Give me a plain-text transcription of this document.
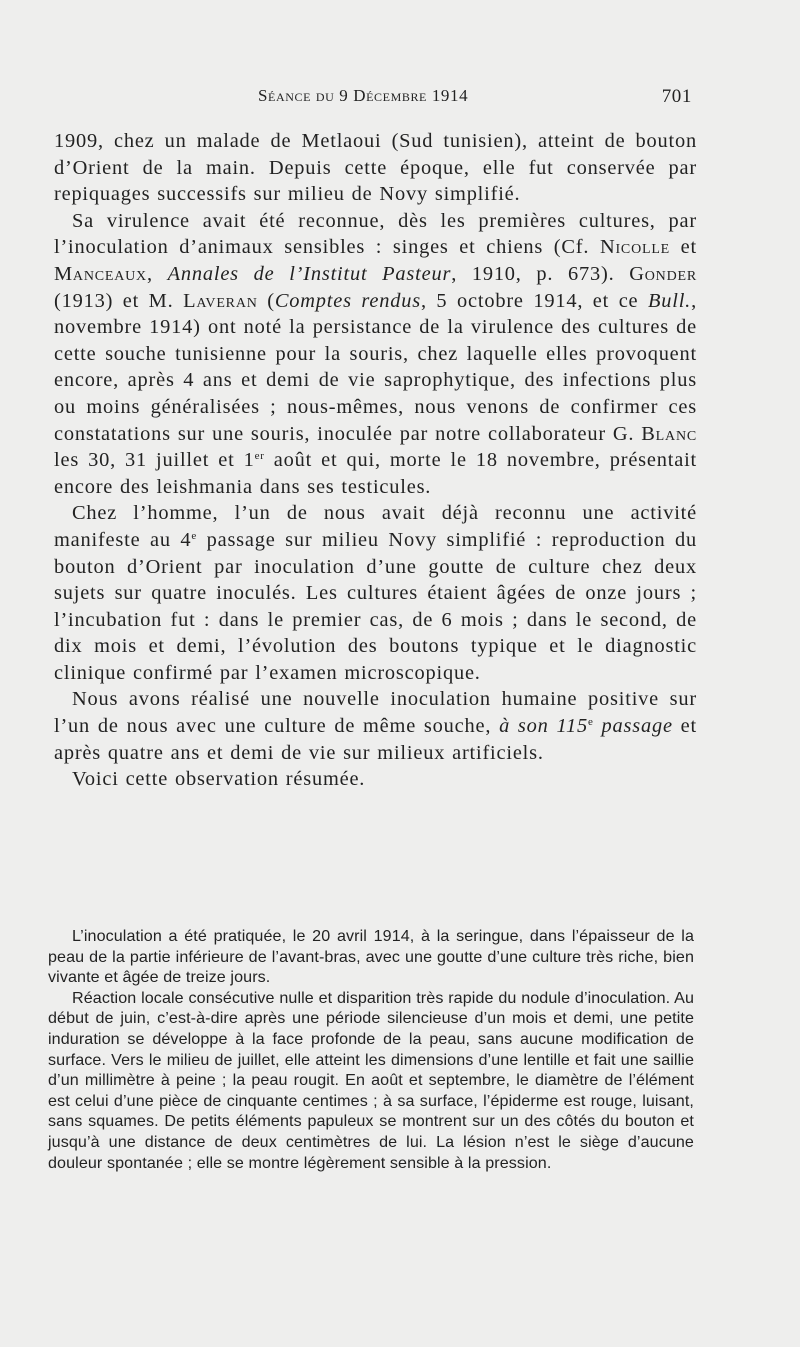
Séance du 9 Décembre 1914	701

1909, chez un malade de Metlaoui (Sud tunisien), atteint de bouton d’Orient de la main. Depuis cette époque, elle fut conservée par repiquages successifs sur milieu de Novy simplifié.

Sa virulence avait été reconnue, dès les premières cultures, par l’inoculation d’animaux sensibles : singes et chiens (Cf. Nicolle et Manceaux, Annales de l’Institut Pasteur, 1910, p. 673). Gonder (1913) et M. Laveran (Comptes rendus, 5 octobre 1914, et ce Bull., novembre 1914) ont noté la persistance de la virulence des cultures de cette souche tunisienne pour la souris, chez laquelle elles provoquent encore, après 4 ans et demi de vie saprophytique, des infections plus ou moins généralisées ; nous-mêmes, nous venons de confirmer ces constatations sur une souris, inoculée par notre collaborateur G. Blanc les 30, 31 juillet et 1er août et qui, morte le 18 novembre, présentait encore des leishmania dans ses testicules.

Chez l’homme, l’un de nous avait déjà reconnu une activité manifeste au 4e passage sur milieu Novy simplifié : reproduction du bouton d’Orient par inoculation d’une goutte de culture chez deux sujets sur quatre inoculés. Les cultures étaient âgées de onze jours ; l’incubation fut : dans le premier cas, de 6 mois ; dans le second, de dix mois et demi, l’évolution des boutons typique et le diagnostic clinique confirmé par l’examen microscopique.

Nous avons réalisé une nouvelle inoculation humaine positive sur l’un de nous avec une culture de même souche, à son 115e passage et après quatre ans et demi de vie sur milieux artificiels.

Voici cette observation résumée.

L’inoculation a été pratiquée, le 20 avril 1914, à la seringue, dans l’épaisseur de la peau de la partie inférieure de l’avant-bras, avec une goutte d’une culture très riche, bien vivante et âgée de treize jours.

Réaction locale consécutive nulle et disparition très rapide du nodule d’inoculation. Au début de juin, c’est-à-dire après une période silencieuse d’un mois et demi, une petite induration se développe à la face profonde de la peau, sans aucune modification de surface. Vers le milieu de juillet, elle atteint les dimensions d’une lentille et fait une saillie d’un millimètre à peine ; la peau rougit. En août et septembre, le diamètre de l’élément est celui d’une pièce de cinquante centimes ; à sa surface, l’épiderme est rouge, luisant, sans squames. De petits éléments papuleux se montrent sur un des côtés du bouton et jusqu’à une distance de deux centimètres de lui. La lésion n’est le siège d’aucune douleur spontanée ; elle se montre légèrement sensible à la pression.
